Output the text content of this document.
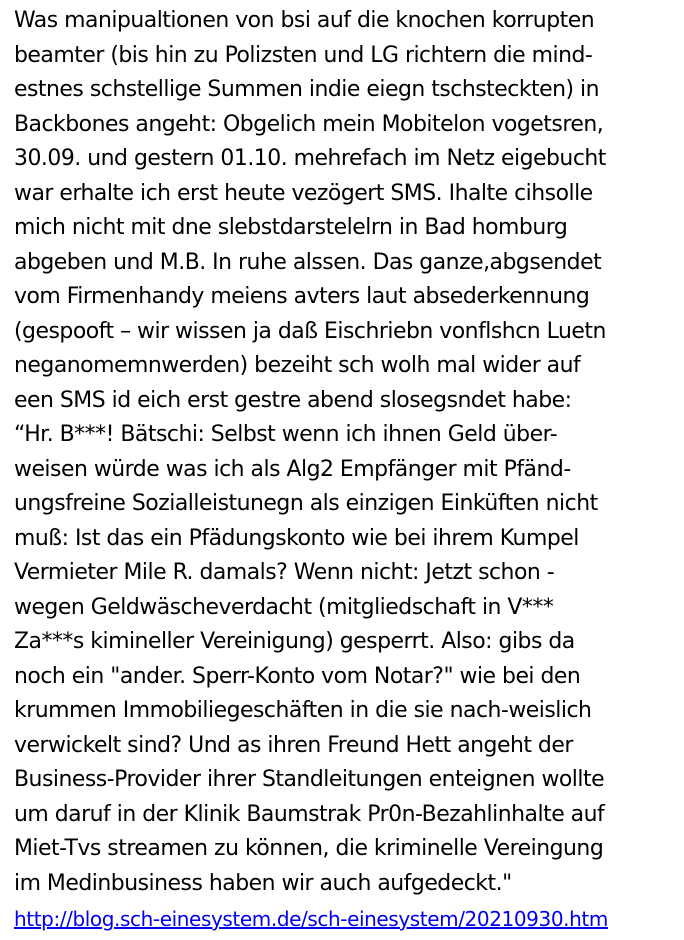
Was manipualtionen von bsi auf die knochen korrupten
beamter (bis hin zu Polizsten und LG richtern die mind-
estnes schstellige Summen indie eiegn tschsteckten) in
Backbones angeht: Obgelich mein Mobitelon vogetsren,
30.09. und gestern 01.10. mehrefach im Netz eigebucht
war erhalte ich erst heute vezögert SMS. Ihalte cihsolle
mich nicht mit dne slebstdarstelelrn in Bad homburg
abgeben und M.B. In ruhe alssen. Das ganze,abgsendet
vom Firmenhandy meiens avters laut absederkennung
(gespooft – wir wissen ja daß Eischriebn vonflshcn Luetn
neganomemnwerden) bezeiht sch wolh mal wider auf
een SMS id eich erst gestre abend slosegsndet habe:
“Hr. B***! Bätschi: Selbst wenn ich ihnen Geld über-
weisen würde was ich als Alg2 Empfänger mit Pfänd-
ungsfreine Sozialleistunegn als einzigen Einküften nicht
muß: Ist das ein Pfädungskonto wie bei ihrem Kumpel
Vermieter Mile R. damals? Wenn nicht: Jetzt schon -
wegen Geldwäscheverdacht (mitgliedschaft in V***
Za***s kimineller Vereinigung) gesperrt. Also: gibs da
noch ein "ander. Sperr-Konto vom Notar?" wie bei den
krummen Immobiliegeschäften in die sie nach-weislich
verwickelt sind? Und as ihren Freund Hett angeht der
Business-Provider ihrer Standleitungen enteignen wollte
um daruf in der Klinik Baumstrak Pr0n-Bezahlinhalte auf
Miet-Tvs streamen zu können, die kriminelle Vereingung
im Medinbusiness haben wir auch aufgedeckt."
http://blog.sch-einesystem.de/sch-einesystem/20210930.htm
